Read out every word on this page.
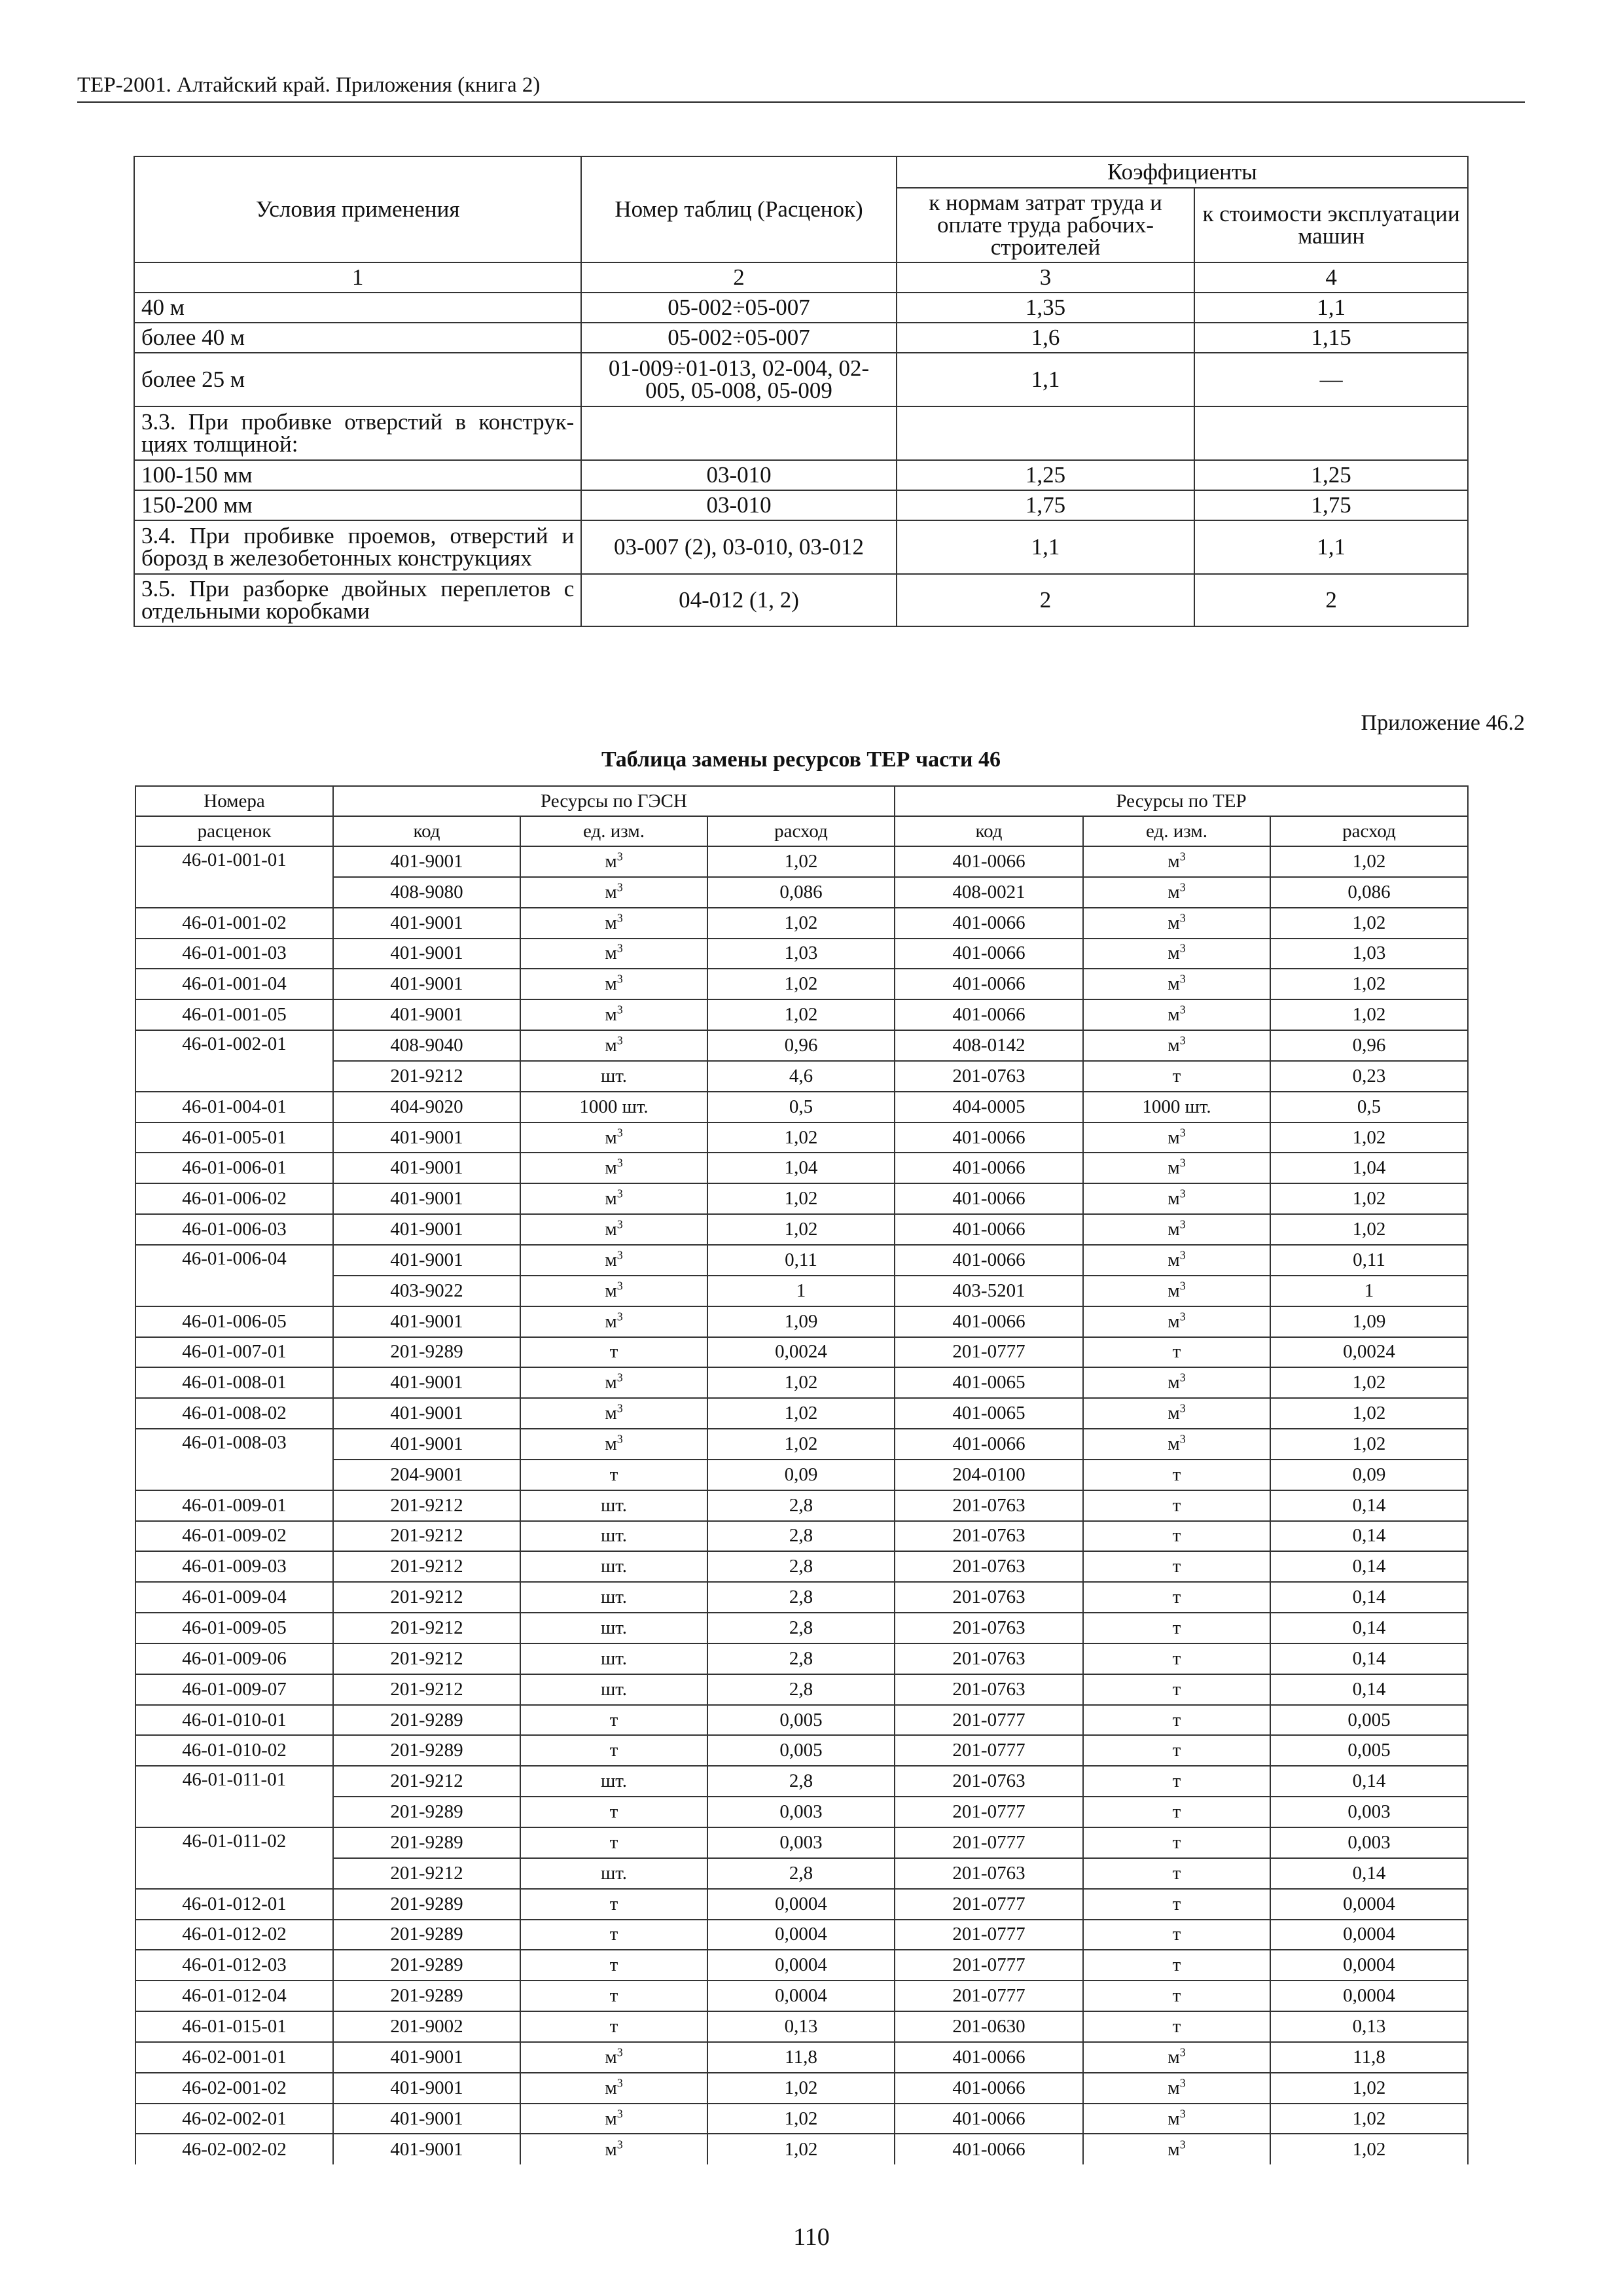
ТЕР-2001. Алтайский край. Приложения (книга 2)
Условия применения	Номер таблиц (Расценок)	Коэффициенты	
		к нормам затрат труда и оплате труда рабочих-строителей	к стоимости эксплуатации машин
1	2	3	4
40 м	05-002÷05-007	1,35	1,1
более 40 м	05-002÷05-007	1,6	1,15
более 25 м	01-009÷01-013, 02-004, 02-005, 05-008, 05-009	1,1	—
3.3. При пробивке отверстий в конструк-циях толщиной:			
100-150 мм	03-010	1,25	1,25
150-200 мм	03-010	1,75	1,75
3.4. При пробивке проемов, отверстий и борозд в железобетонных конструкциях	03-007 (2), 03-010, 03-012	1,1	1,1
3.5. При разборке двойных переплетов с отдельными коробками	04-012 (1, 2)	2	2
Приложение 46.2
Таблица замены ресурсов ТЕР части 46
Номера	Ресурсы по ГЭСН			Ресурсы по ТЕР		
расценок	код	ед. изм.	расход	код	ед. изм.	расход
46-01-001-01	401-9001	$м^3$	1,02	401-0066	$м^3$	1,02
	408-9080	$м^3$	0,086	408-0021	$м^3$	0,086
46-01-001-02	401-9001	$м^3$	1,02	401-0066	$м^3$	1,02
46-01-001-03	401-9001	$м^3$	1,03	401-0066	$м^3$	1,03
46-01-001-04	401-9001	$м^3$	1,02	401-0066	$м^3$	1,02
46-01-001-05	401-9001	$м^3$	1,02	401-0066	$м^3$	1,02
46-01-002-01	408-9040	$м^3$	0,96	408-0142	$м^3$	0,96
	201-9212	шт.	4,6	201-0763	т	0,23
46-01-004-01	404-9020	1000 шт.	0,5	404-0005	1000 шт.	0,5
46-01-005-01	401-9001	$м^3$	1,02	401-0066	$м^3$	1,02
46-01-006-01	401-9001	$м^3$	1,04	401-0066	$м^3$	1,04
46-01-006-02	401-9001	$м^3$	1,02	401-0066	$м^3$	1,02
46-01-006-03	401-9001	$м^3$	1,02	401-0066	$м^3$	1,02
46-01-006-04	401-9001	$м^3$	0,11	401-0066	$м^3$	0,11
	403-9022	$м^3$	1	403-5201	$м^3$	1
46-01-006-05	401-9001	$м^3$	1,09	401-0066	$м^3$	1,09
46-01-007-01	201-9289	т	0,0024	201-0777	т	0,0024
46-01-008-01	401-9001	$м^3$	1,02	401-0065	$м^3$	1,02
46-01-008-02	401-9001	$м^3$	1,02	401-0065	$м^3$	1,02
46-01-008-03	401-9001	$м^3$	1,02	401-0066	$м^3$	1,02
	204-9001	т	0,09	204-0100	т	0,09
46-01-009-01	201-9212	шт.	2,8	201-0763	т	0,14
46-01-009-02	201-9212	шт.	2,8	201-0763	т	0,14
46-01-009-03	201-9212	шт.	2,8	201-0763	т	0,14
46-01-009-04	201-9212	шт.	2,8	201-0763	т	0,14
46-01-009-05	201-9212	шт.	2,8	201-0763	т	0,14
46-01-009-06	201-9212	шт.	2,8	201-0763	т	0,14
46-01-009-07	201-9212	шт.	2,8	201-0763	т	0,14
46-01-010-01	201-9289	т	0,005	201-0777	т	0,005
46-01-010-02	201-9289	т	0,005	201-0777	т	0,005
46-01-011-01	201-9212	шт.	2,8	201-0763	т	0,14
	201-9289	т	0,003	201-0777	т	0,003
46-01-011-02	201-9289	т	0,003	201-0777	т	0,003
	201-9212	шт.	2,8	201-0763	т	0,14
46-01-012-01	201-9289	т	0,0004	201-0777	т	0,0004
46-01-012-02	201-9289	т	0,0004	201-0777	т	0,0004
46-01-012-03	201-9289	т	0,0004	201-0777	т	0,0004
46-01-012-04	201-9289	т	0,0004	201-0777	т	0,0004
46-01-015-01	201-9002	т	0,13	201-0630	т	0,13
46-02-001-01	401-9001	$м^3$	11,8	401-0066	$м^3$	11,8
46-02-001-02	401-9001	$м^3$	1,02	401-0066	$м^3$	1,02
46-02-002-01	401-9001	$м^3$	1,02	401-0066	$м^3$	1,02
46-02-002-02	401-9001	$м^3$	1,02	401-0066	$м^3$	1,02
110
